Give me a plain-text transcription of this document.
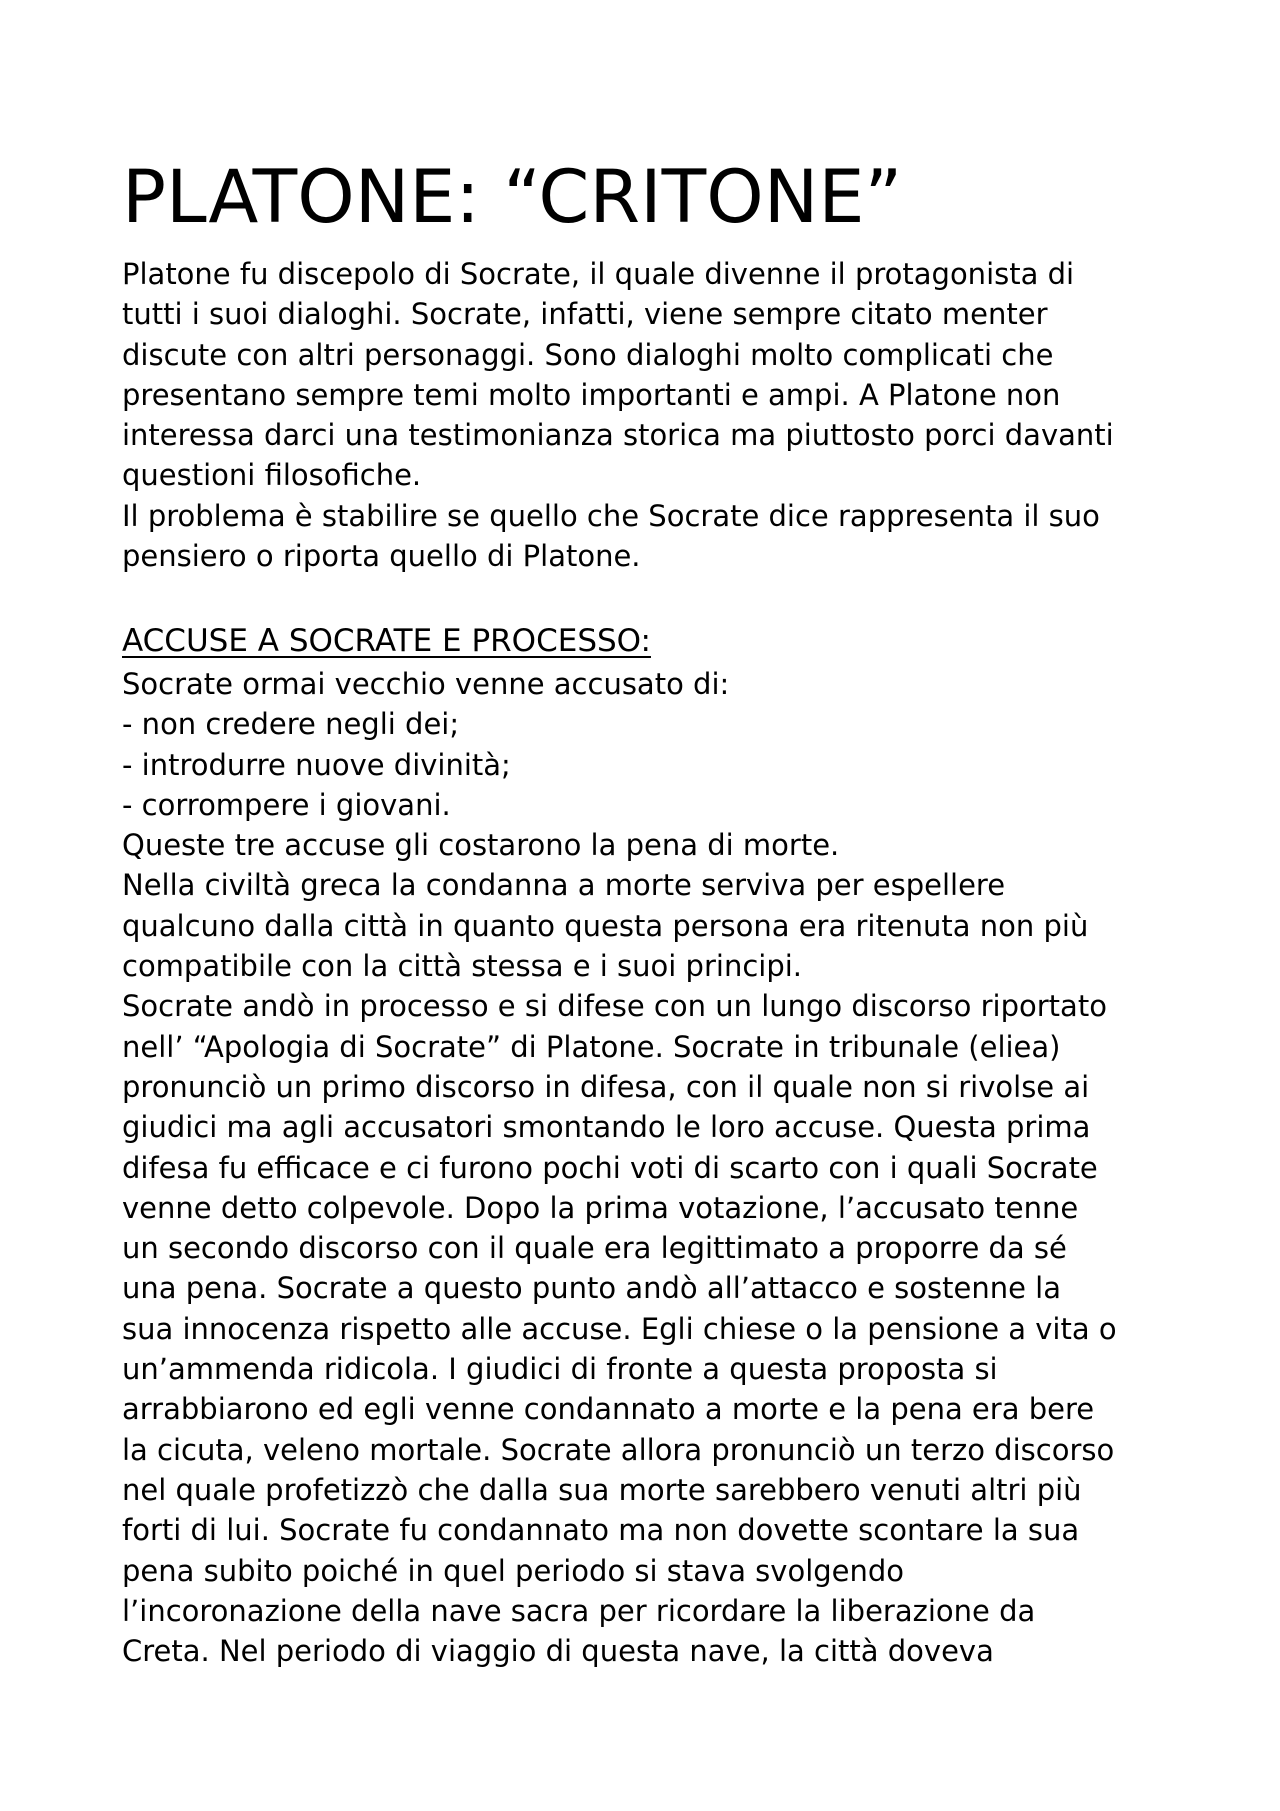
PLATONE: “CRITONE”
Platone fu discepolo di Socrate, il quale divenne il protagonista di
tutti i suoi dialoghi. Socrate, infatti, viene sempre citato menter
discute con altri personaggi. Sono dialoghi molto complicati che
presentano sempre temi molto importanti e ampi. A Platone non
interessa darci una testimonianza storica ma piuttosto porci davanti
questioni filosofiche.
Il problema è stabilire se quello che Socrate dice rappresenta il suo
pensiero o riporta quello di Platone.
ACCUSE A SOCRATE E PROCESSO:
Socrate ormai vecchio venne accusato di:
- non credere negli dei;
- introdurre nuove divinità;
- corrompere i giovani.
Queste tre accuse gli costarono la pena di morte.
Nella civiltà greca la condanna a morte serviva per espellere
qualcuno dalla città in quanto questa persona era ritenuta non più
compatibile con la città stessa e i suoi principi.
Socrate andò in processo e si difese con un lungo discorso riportato
nell’ “Apologia di Socrate” di Platone. Socrate in tribunale (eliea)
pronunciò un primo discorso in difesa, con il quale non si rivolse ai
giudici ma agli accusatori smontando le loro accuse. Questa prima
difesa fu efficace e ci furono pochi voti di scarto con i quali Socrate
venne detto colpevole. Dopo la prima votazione, l’accusato tenne
un secondo discorso con il quale era legittimato a proporre da sé
una pena. Socrate a questo punto andò all’attacco e sostenne la
sua innocenza rispetto alle accuse. Egli chiese o la pensione a vita o
un’ammenda ridicola. I giudici di fronte a questa proposta si
arrabbiarono ed egli venne condannato a morte e la pena era bere
la cicuta, veleno mortale. Socrate allora pronunciò un terzo discorso
nel quale profetizzò che dalla sua morte sarebbero venuti altri più
forti di lui. Socrate fu condannato ma non dovette scontare la sua
pena subito poiché in quel periodo si stava svolgendo
l’incoronazione della nave sacra per ricordare la liberazione da
Creta. Nel periodo di viaggio di questa nave, la città doveva
